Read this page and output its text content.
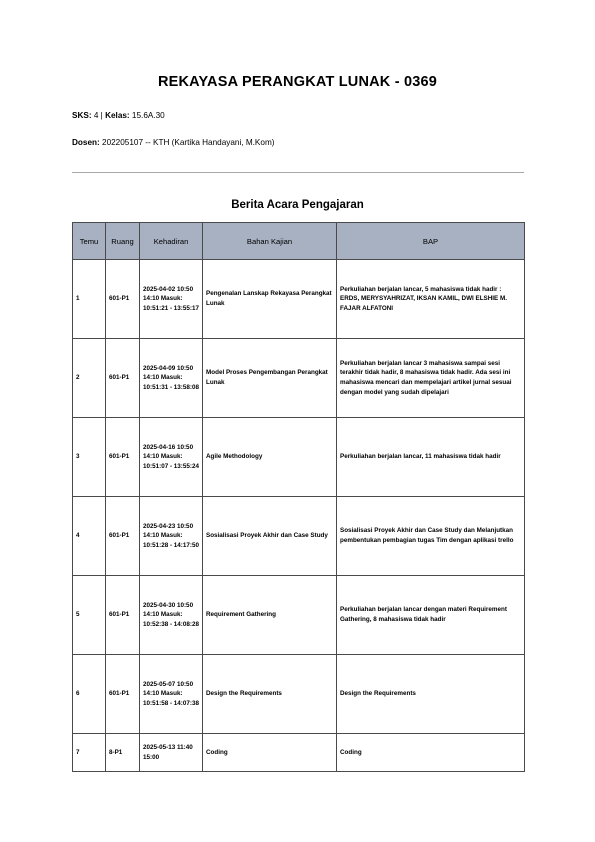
REKAYASA PERANGKAT LUNAK - 0369
SKS: 4 | Kelas: 15.6A.30
Dosen: 202205107 -- KTH (Kartika Handayani, M.Kom)
Berita Acara Pengajaran
Temu	Ruang	Kehadiran	Bahan Kajian	BAP
1	601-P1	2025-04-02 10:50 14:10 Masuk: 10:51:21 - 13:55:17	Pengenalan Lanskap Rekayasa Perangkat Lunak	Perkuliahan berjalan lancar, 5 mahasiswa tidak hadir : ERDS, MERYSYAHRIZAT, IKSAN KAMIL, DWI ELSHIE M. FAJAR ALFATONI
2	601-P1	2025-04-09 10:50 14:10 Masuk: 10:51:31 - 13:58:08	Model Proses Pengembangan Perangkat Lunak	Perkuliahan berjalan lancar 3 mahasiswa sampai sesi terakhir tidak hadir, 8 mahasiswa tidak hadir. Ada sesi ini mahasiswa mencari dan mempelajari artikel jurnal sesuai dengan model yang sudah dipelajari
3	601-P1	2025-04-16 10:50 14:10 Masuk: 10:51:07 - 13:55:24	Agile Methodology	Perkuliahan berjalan lancar, 11 mahasiswa tidak hadir
4	601-P1	2025-04-23 10:50 14:10 Masuk: 10:51:28 - 14:17:50	Sosialisasi Proyek Akhir dan Case Study	Sosialisasi Proyek Akhir dan Case Study dan Melanjutkan pembentukan pembagian tugas Tim dengan aplikasi trello
5	601-P1	2025-04-30 10:50 14:10 Masuk: 10:52:38 - 14:08:28	Requirement Gathering	Perkuliahan berjalan lancar dengan materi Requirement Gathering, 8 mahasiswa tidak hadir
6	601-P1	2025-05-07 10:50 14:10 Masuk: 10:51:58 - 14:07:38	Design the Requirements	Design the Requirements
7	8-P1	2025-05-13 11:40 15:00	Coding	Coding
